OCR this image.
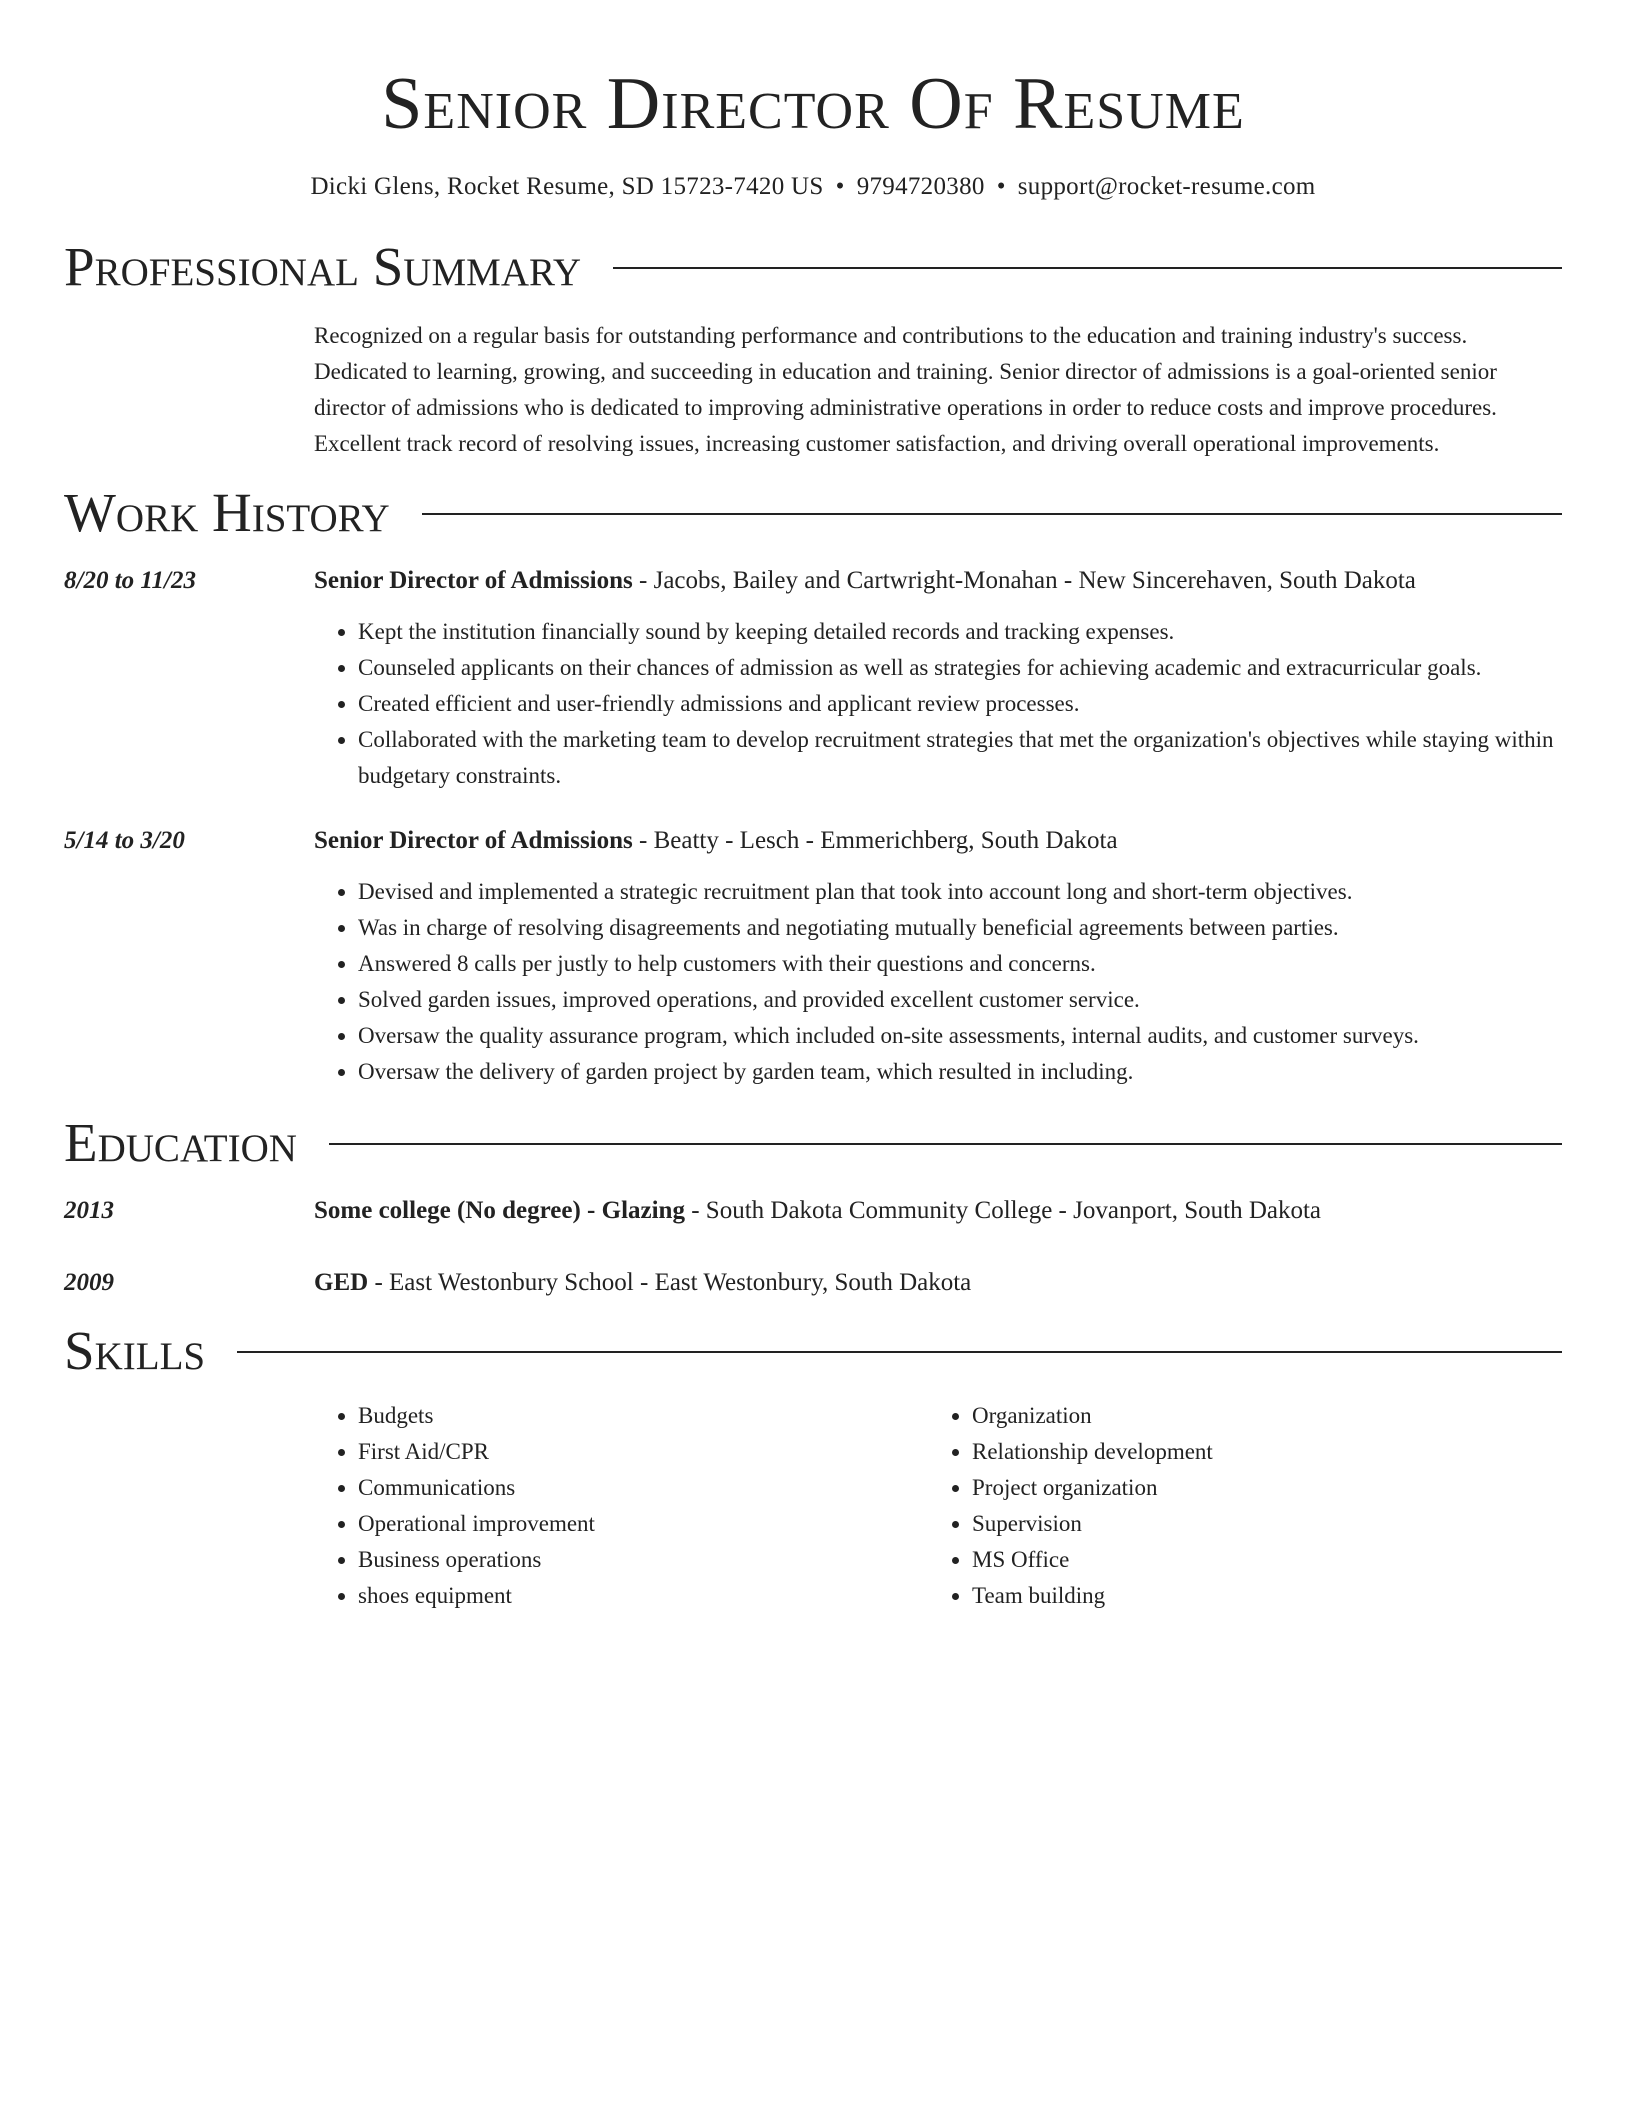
Senior Director Of Resume
Dicki Glens, Rocket Resume, SD 15723-7420 US • 9794720380 • support@rocket-resume.com
Professional Summary
Recognized on a regular basis for outstanding performance and contributions to the education and training industry's success. Dedicated to learning, growing, and succeeding in education and training. Senior director of admissions is a goal-oriented senior director of admissions who is dedicated to improving administrative operations in order to reduce costs and improve procedures. Excellent track record of resolving issues, increasing customer satisfaction, and driving overall operational improvements.
Work History
8/20 to 11/23	Senior Director of Admissions - Jacobs, Bailey and Cartwright-Monahan - New Sincerehaven, South Dakota
• Kept the institution financially sound by keeping detailed records and tracking expenses.
• Counseled applicants on their chances of admission as well as strategies for achieving academic and extracurricular goals.
• Created efficient and user-friendly admissions and applicant review processes.
• Collaborated with the marketing team to develop recruitment strategies that met the organization's objectives while staying within budgetary constraints.
5/14 to 3/20	Senior Director of Admissions - Beatty - Lesch - Emmerichberg, South Dakota
• Devised and implemented a strategic recruitment plan that took into account long and short-term objectives.
• Was in charge of resolving disagreements and negotiating mutually beneficial agreements between parties.
• Answered 8 calls per justly to help customers with their questions and concerns.
• Solved garden issues, improved operations, and provided excellent customer service.
• Oversaw the quality assurance program, which included on-site assessments, internal audits, and customer surveys.
• Oversaw the delivery of garden project by garden team, which resulted in including.
Education
2013	Some college (No degree) - Glazing - South Dakota Community College - Jovanport, South Dakota
2009	GED - East Westonbury School - East Westonbury, South Dakota
Skills
• Budgets
• First Aid/CPR
• Communications
• Operational improvement
• Business operations
• shoes equipment
• Organization
• Relationship development
• Project organization
• Supervision
• MS Office
• Team building
